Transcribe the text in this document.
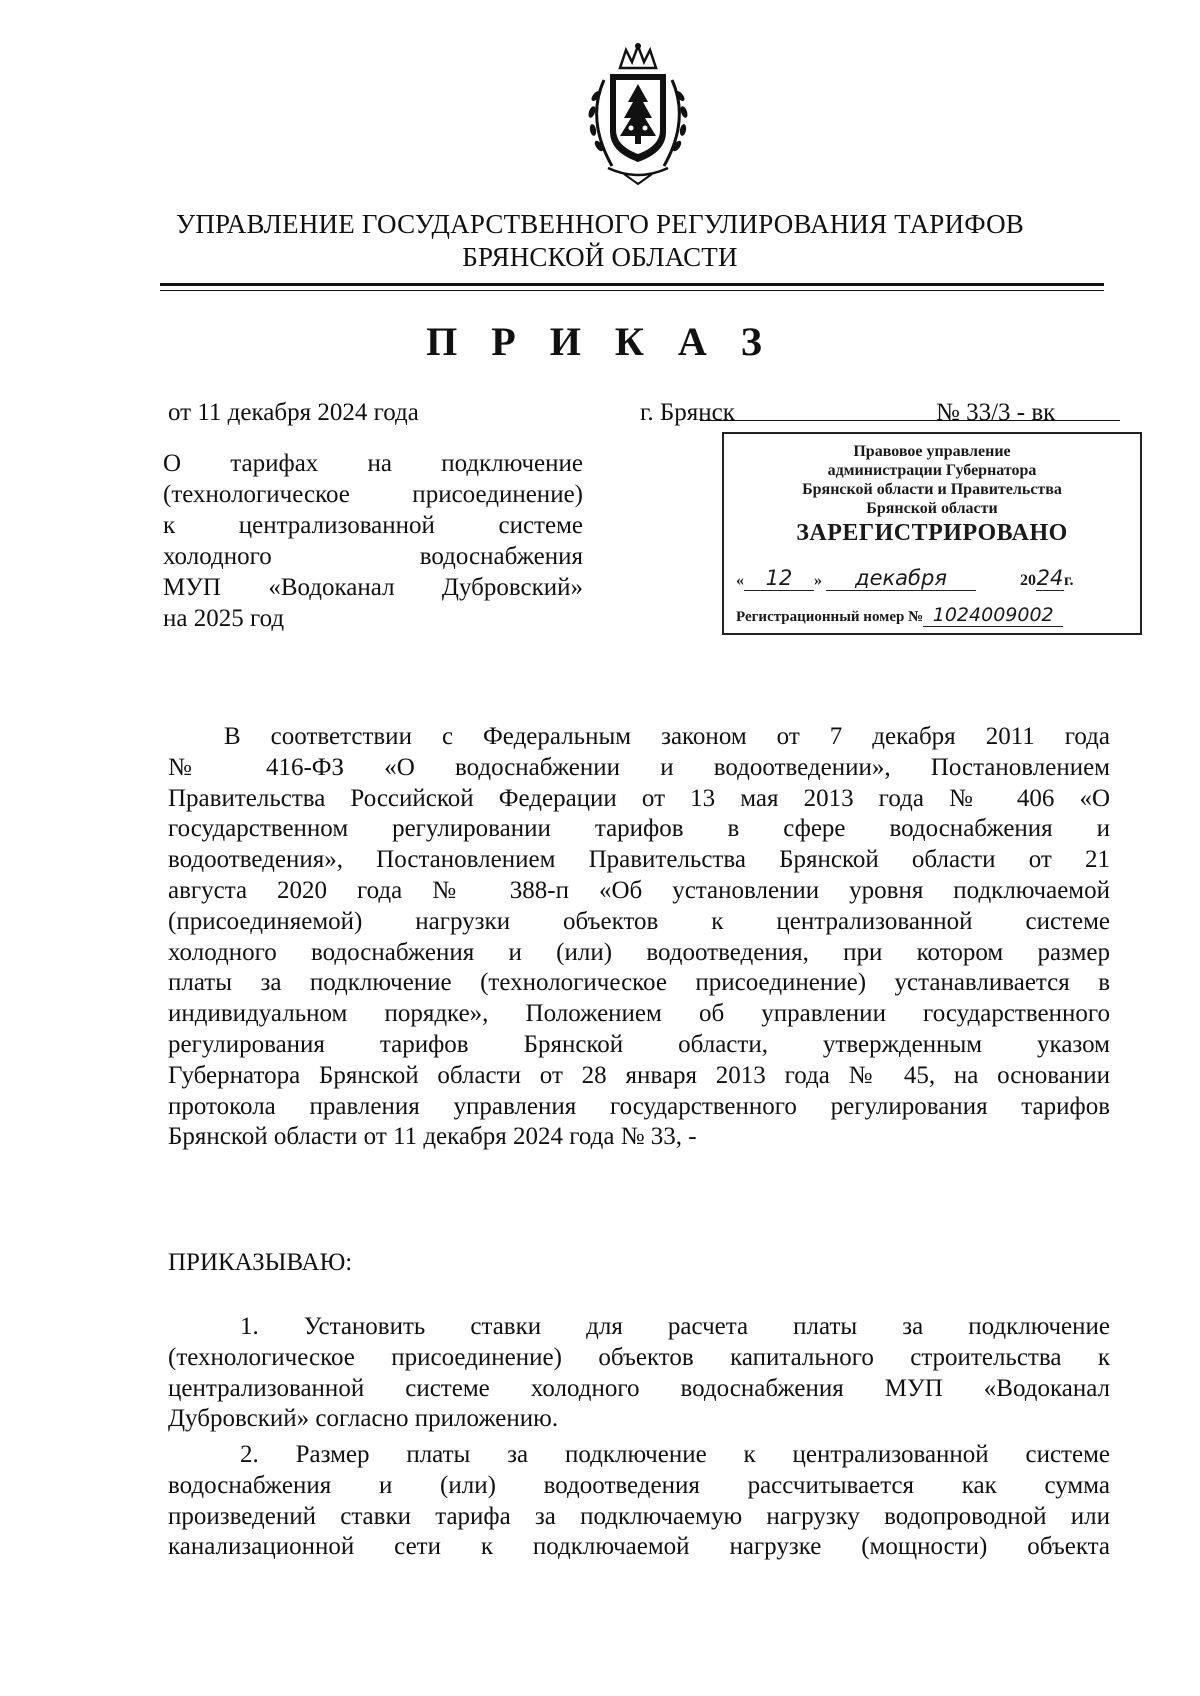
УПРАВЛЕНИЕ ГОСУДАРСТВЕННОГО РЕГУЛИРОВАНИЯ ТАРИФОВ
БРЯНСКОЙ ОБЛАСТИ
П Р И К А З
от 11 декабря 2024 года	г. Брянск	№ 33/3 - вк
О тарифах на подключение
(технологическое присоединение)
к централизованной системе
холодного водоснабжения
МУП «Водоканал Дубровский»
на 2025 год
Правовое управление
администрации Губернатора
Брянской области и Правительства
Брянской области
ЗАРЕГИСТРИРОВАНО
« 12 » декабря	2024г.
Регистрационный номер № 1024009002
В соответствии с Федеральным законом от 7 декабря 2011 года
№ 416-ФЗ «О водоснабжении и водоотведении», Постановлением
Правительства Российской Федерации от 13 мая 2013 года № 406 «О
государственном регулировании тарифов в сфере водоснабжения и
водоотведения», Постановлением Правительства Брянской области от 21
августа 2020 года № 388-п «Об установлении уровня подключаемой
(присоединяемой) нагрузки объектов к централизованной системе
холодного водоснабжения и (или) водоотведения, при котором размер
платы за подключение (технологическое присоединение) устанавливается в
индивидуальном порядке», Положением об управлении государственного
регулирования тарифов Брянской области, утвержденным указом
Губернатора Брянской области от 28 января 2013 года № 45, на основании
протокола правления управления государственного регулирования тарифов
Брянской области от 11 декабря 2024 года № 33, -
ПРИКАЗЫВАЮ:
1. Установить ставки для расчета платы за подключение
(технологическое присоединение) объектов капитального строительства к
централизованной системе холодного водоснабжения МУП «Водоканал
Дубровский» согласно приложению.
2. Размер платы за подключение к централизованной системе
водоснабжения и (или) водоотведения рассчитывается как сумма
произведений ставки тарифа за подключаемую нагрузку водопроводной или
канализационной сети к подключаемой нагрузке (мощности) объекта
